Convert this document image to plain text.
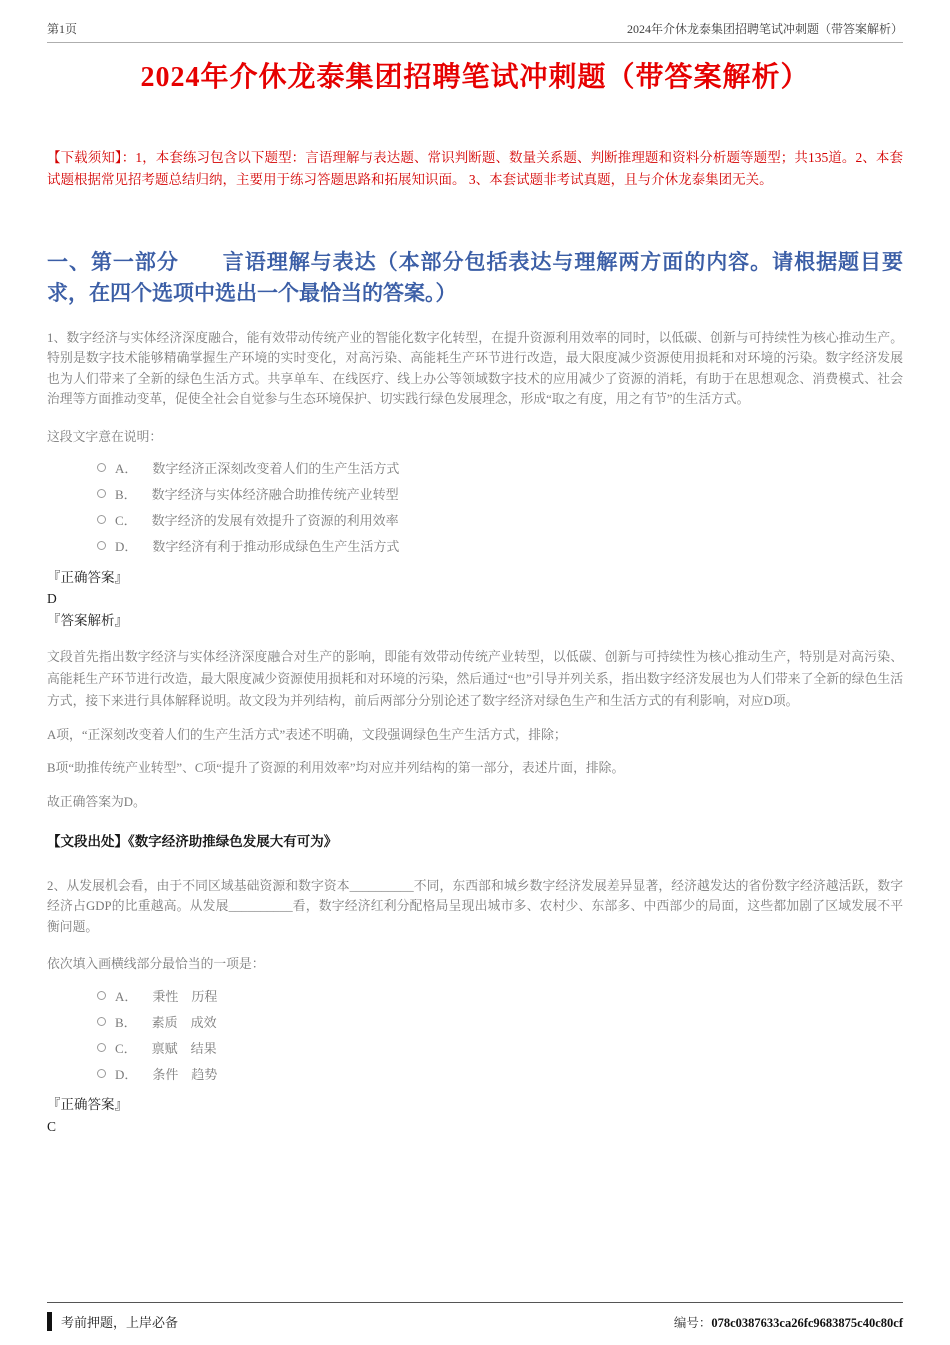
第1页	2024年介休龙泰集团招聘笔试冲刺题（带答案解析）
2024年介休龙泰集团招聘笔试冲刺题（带答案解析）

【下载须知】：1，本套练习包含以下题型：言语理解与表达题、常识判断题、数量关系题、判断推理题和资料分析题等题型；共135道。2、本套试题根据常见招考题总结归纳，主要用于练习答题思路和拓展知识面。 3、本套试题非考试真题，且与介休龙泰集团无关。

一、第一部分　　言语理解与表达（本部分包括表达与理解两方面的内容。请根据题目要求，在四个选项中选出一个最恰当的答案。）

1、数字经济与实体经济深度融合，能有效带动传统产业的智能化数字化转型，在提升资源利用效率的同时，以低碳、创新与可持续性为核心推动生产。特别是数字技术能够精确掌握生产环境的实时变化，对高污染、高能耗生产环节进行改造，最大限度减少资源使用损耗和对环境的污染。数字经济发展也为人们带来了全新的绿色生活方式。共享单车、在线医疗、线上办公等领域数字技术的应用减少了资源的消耗，有助于在思想观念、消费模式、社会治理等方面推动变革，促使全社会自觉参与生态环境保护、切实践行绿色发展理念，形成“取之有度，用之有节”的生活方式。

这段文字意在说明：

A． 数字经济正深刻改变着人们的生产生活方式
B． 数字经济与实体经济融合助推传统产业转型
C． 数字经济的发展有效提升了资源的利用效率
D． 数字经济有利于推动形成绿色生产生活方式

『正确答案』

D

『答案解析』

文段首先指出数字经济与实体经济深度融合对生产的影响，即能有效带动传统产业转型，以低碳、创新与可持续性为核心推动生产，特别是对高污染、高能耗生产环节进行改造，最大限度减少资源使用损耗和对环境的污染，然后通过“也”引导并列关系，指出数字经济发展也为人们带来了全新的绿色生活方式，接下来进行具体解释说明。故文段为并列结构，前后两部分分别论述了数字经济对绿色生产和生活方式的有利影响，对应D项。

A项，“正深刻改变着人们的生产生活方式”表述不明确，文段强调绿色生产生活方式，排除；

B项“助推传统产业转型”、C项“提升了资源的利用效率”均对应并列结构的第一部分，表述片面，排除。

故正确答案为D。

【文段出处】《数字经济助推绿色发展大有可为》

2、从发展机会看，由于不同区域基础资源和数字资本__________不同，东西部和城乡数字经济发展差异显著，经济越发达的省份数字经济越活跃，数字经济占GDP的比重越高。从发展__________看，数字经济红利分配格局呈现出城市多、农村少、东部多、中西部少的局面，这些都加剧了区域发展不平衡问题。

依次填入画横线部分最恰当的一项是：

A． 秉性　历程
B． 素质　成效
C． 禀赋　结果
D． 条件　趋势

『正确答案』

C

考前押题，上岸必备	编号：078c0387633ca26fc9683875c40c80cf
